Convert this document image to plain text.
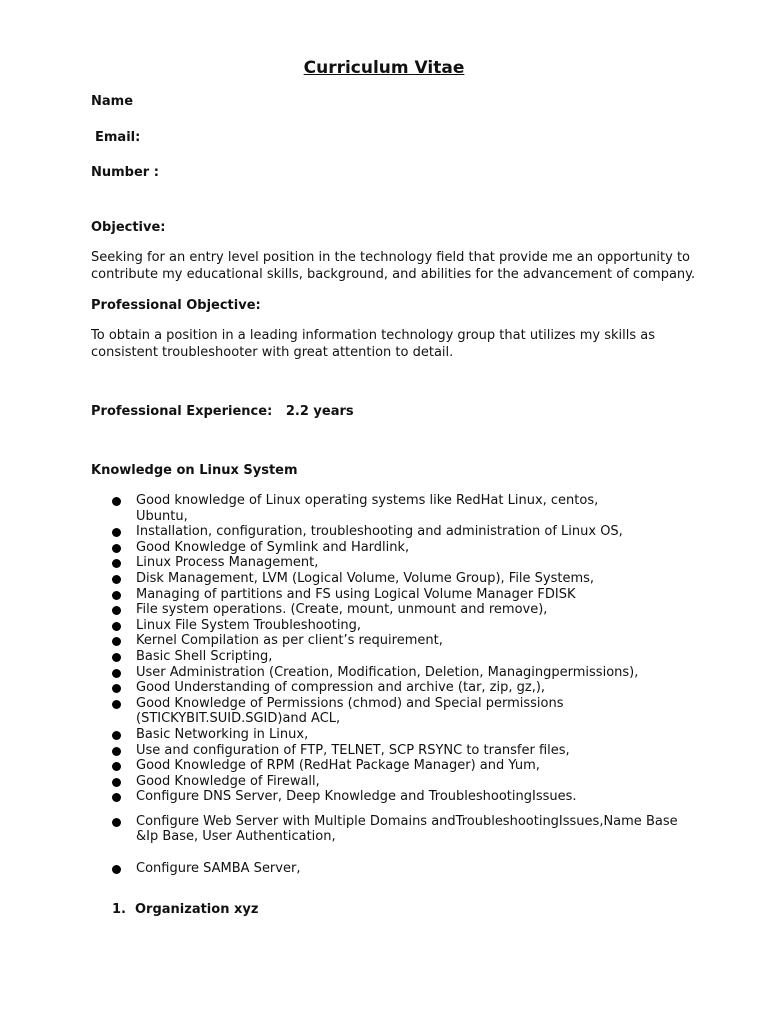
Curriculum Vitae
Name
Email:
Number :
Objective:
Seeking for an entry level position in the technology field that provide me an opportunity to
contribute my educational skills, background, and abilities for the advancement of company.
Professional Objective:
To obtain a position in a leading information technology group that utilizes my skills as
consistent troubleshooter with great attention to detail.
Professional Experience:   2.2 years
Knowledge on Linux System
Good knowledge of Linux operating systems like RedHat Linux, centos,
Ubuntu,
Installation, configuration, troubleshooting and administration of Linux OS,
Good Knowledge of Symlink and Hardlink,
Linux Process Management,
Disk Management, LVM (Logical Volume, Volume Group), File Systems,
Managing of partitions and FS using Logical Volume Manager FDISK
File system operations. (Create, mount, unmount and remove),
Linux File System Troubleshooting,
Kernel Compilation as per client’s requirement,
Basic Shell Scripting,
User Administration (Creation, Modification, Deletion, Managingpermissions),
Good Understanding of compression and archive (tar, zip, gz,),
Good Knowledge of Permissions (chmod) and Special permissions
(STICKYBIT.SUID.SGID)and ACL,
Basic Networking in Linux,
Use and configuration of FTP, TELNET, SCP RSYNC to transfer files,
Good Knowledge of RPM (RedHat Package Manager) and Yum,
Good Knowledge of Firewall,
Configure DNS Server, Deep Knowledge and TroubleshootingIssues.
Configure Web Server with Multiple Domains andTroubleshootingIssues,Name Base
&Ip Base, User Authentication,
Configure SAMBA Server,
1. Organization xyz
